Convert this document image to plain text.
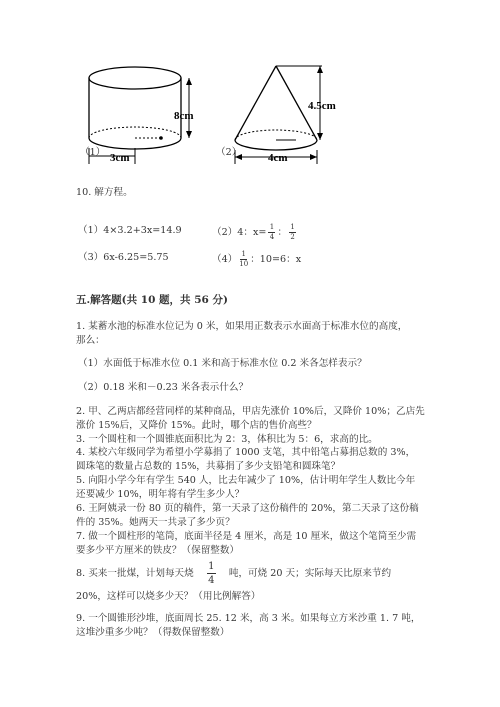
8cm
3cm
（1）
4.5cm
4cm
（2）
10. 解方程。
（1）4×3.2+3x=14.9	（2）4：$x= \frac{1}{4}$ ： $\frac{1}{2}$
（3）6x-6.25=5.75	$(4) \frac{1}{10}$ ：10=6：x
五.解答题(共 10 题，共 56 分)
1. 某蓄水池的标准水位记为 0 米，如果用正数表示水面高于标准水位的高度，
那么：
（1）水面低于标准水位 0.1 米和高于标准水位 0.2 米各怎样表示？
（2）0.18 米和－0.23 米各表示什么？
2. 甲、乙两店都经营同样的某种商品，甲店先涨价 10%后，又降价 10%；乙店先
涨价 15%后，又降价 15%。此时，哪个店的售价高些？
3. 一个圆柱和一个圆锥底面积比为 2：3，体积比为 5：6，求高的比。
4. 某校六年级同学为希望小学募捐了 1000 支笔，其中铅笔占募捐总数的 3%，
圆珠笔的数量占总数的 15%，共募捐了多少支铅笔和圆珠笔？
5. 向阳小学今年有学生 540 人，比去年减少了 10%，估计明年学生人数比今年
还要减少 10%，明年将有学生多少人？
6. 王阿姨录一份 80 页的稿件，第一天录了这份稿件的 20%，第二天录了这份稿
件的 35%。她两天一共录了多少页？
7. 做一个圆柱形的笔筒，底面半径是 4 厘米，高是 10 厘米，做这个笔筒至少需
要多少平方厘米的铁皮？（保留整数）
8. 买来一批煤，计划每天烧 $\frac{1}{4}$ 吨，可烧 20 天；实际每天比原来节约
20%，这样可以烧多少天？（用比例解答）
9. 一个圆锥形沙堆，底面周长 25. 12 米，高 3 米。如果每立方米沙重 1. 7 吨，
这堆沙重多少吨？（得数保留整数）
